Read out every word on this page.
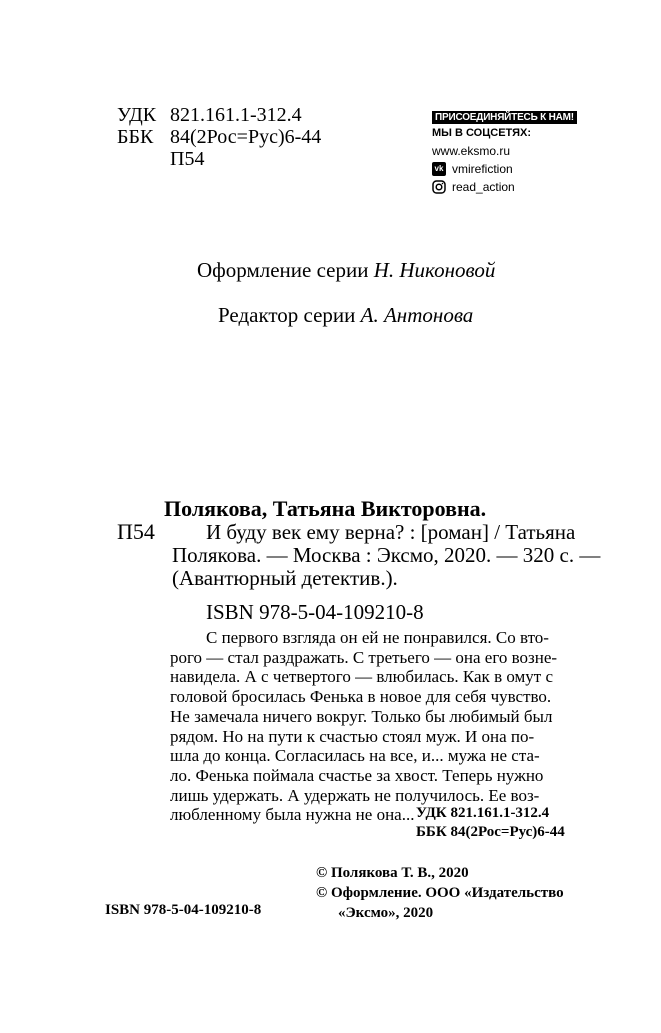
УДК 821.161.1-312.4
ББК 84(2Рос=Рус)6-44
П54
ПРИСОЕДИНЯЙТЕСЬ К НАМ!
МЫ В СОЦСЕТЯХ:
www.eksmo.ru
vk vmirefiction
read_action
Оформление серии Н. Никоновой
Редактор серии А. Антонова
Полякова, Татьяна Викторовна.
П54	И буду век ему верна? : [роман] / Татьяна
Полякова. — Москва : Эксмо, 2020. — 320 с. —
(Авантюрный детектив.).
ISBN 978-5-04-109210-8
С первого взгляда он ей не понравился. Со вто-
рого — стал раздражать. С третьего — она его возне-
навидела. А с четвертого — влюбилась. Как в омут с
головой бросилась Фенька в новое для себя чувство.
Не замечала ничего вокруг. Только бы любимый был
рядом. Но на пути к счастью стоял муж. И она по-
шла до конца. Согласилась на все, и... мужа не ста-
ло. Фенька поймала счастье за хвост. Теперь нужно
лишь удержать. А удержать не получилось. Ее воз-
любленному была нужна не она... УДК 821.161.1-312.4
ББК 84(2Рос=Рус)6-44
© Полякова Т. В., 2020
© Оформление. ООО «Издательство
«Эксмо», 2020
ISBN 978-5-04-109210-8
